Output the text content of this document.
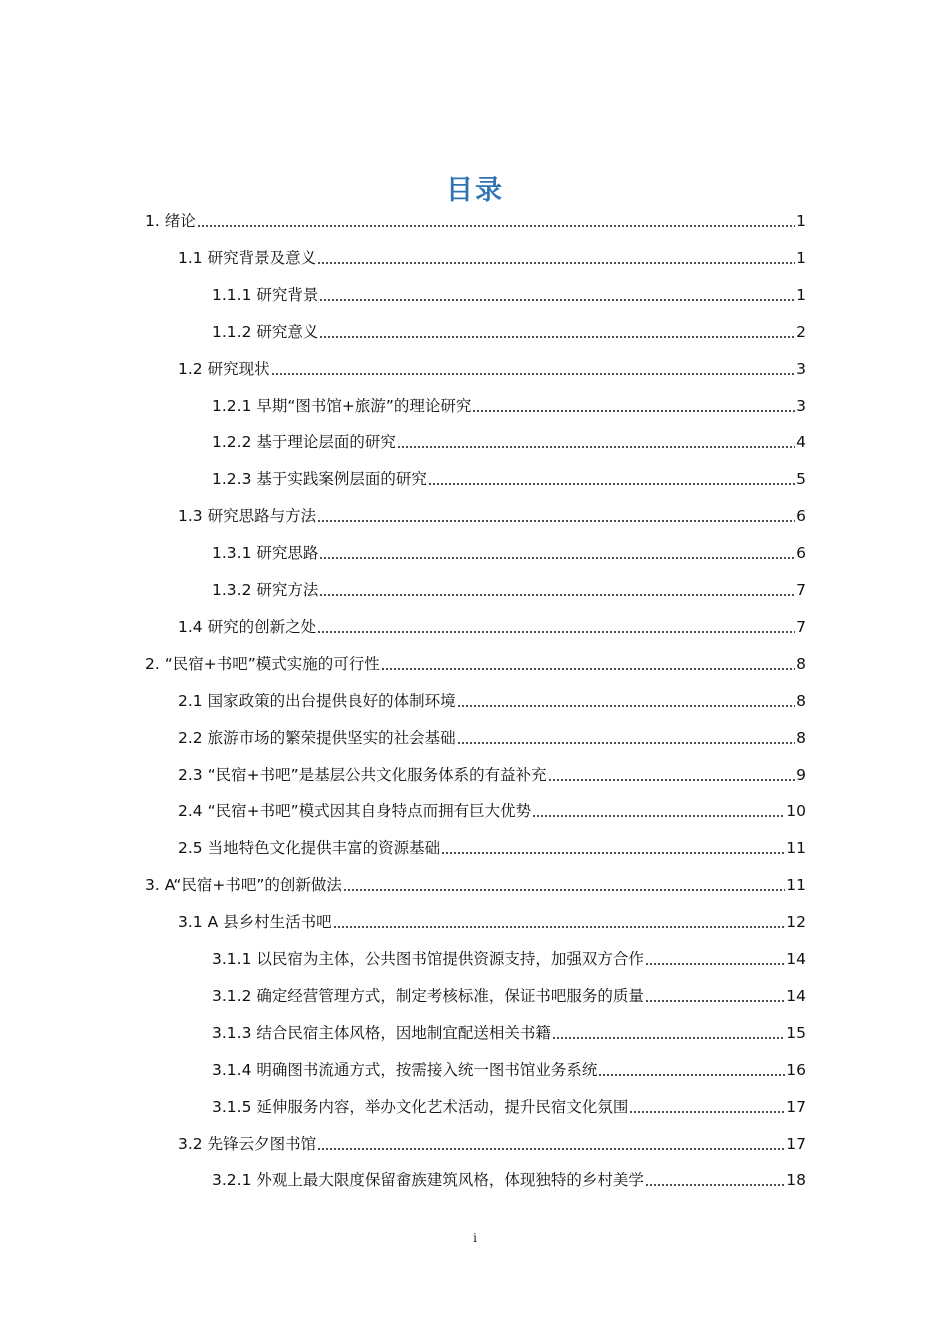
目录
1. 绪论	1
1.1 研究背景及意义	1
1.1.1 研究背景	1
1.1.2 研究意义	2
1.2 研究现状	3
1.2.1 早期“图书馆+旅游”的理论研究	3
1.2.2 基于理论层面的研究	4
1.2.3 基于实践案例层面的研究	5
1.3 研究思路与方法	6
1.3.1 研究思路	6
1.3.2 研究方法	7
1.4 研究的创新之处	7
2. “民宿+书吧”模式实施的可行性	8
2.1 国家政策的出台提供良好的体制环境	8
2.2 旅游市场的繁荣提供坚实的社会基础	8
2.3 “民宿+书吧”是基层公共文化服务体系的有益补充	9
2.4 “民宿+书吧”模式因其自身特点而拥有巨大优势	10
2.5 当地特色文化提供丰富的资源基础	11
3. A“民宿+书吧”的创新做法	11
3.1 A 县乡村生活书吧	12
3.1.1 以民宿为主体，公共图书馆提供资源支持，加强双方合作	14
3.1.2 确定经营管理方式，制定考核标准，保证书吧服务的质量	14
3.1.3 结合民宿主体风格，因地制宜配送相关书籍	15
3.1.4 明确图书流通方式，按需接入统一图书馆业务系统	16
3.1.5 延伸服务内容，举办文化艺术活动，提升民宿文化氛围	17
3.2 先锋云夕图书馆	17
3.2.1 外观上最大限度保留畲族建筑风格，体现独特的乡村美学	18
i
